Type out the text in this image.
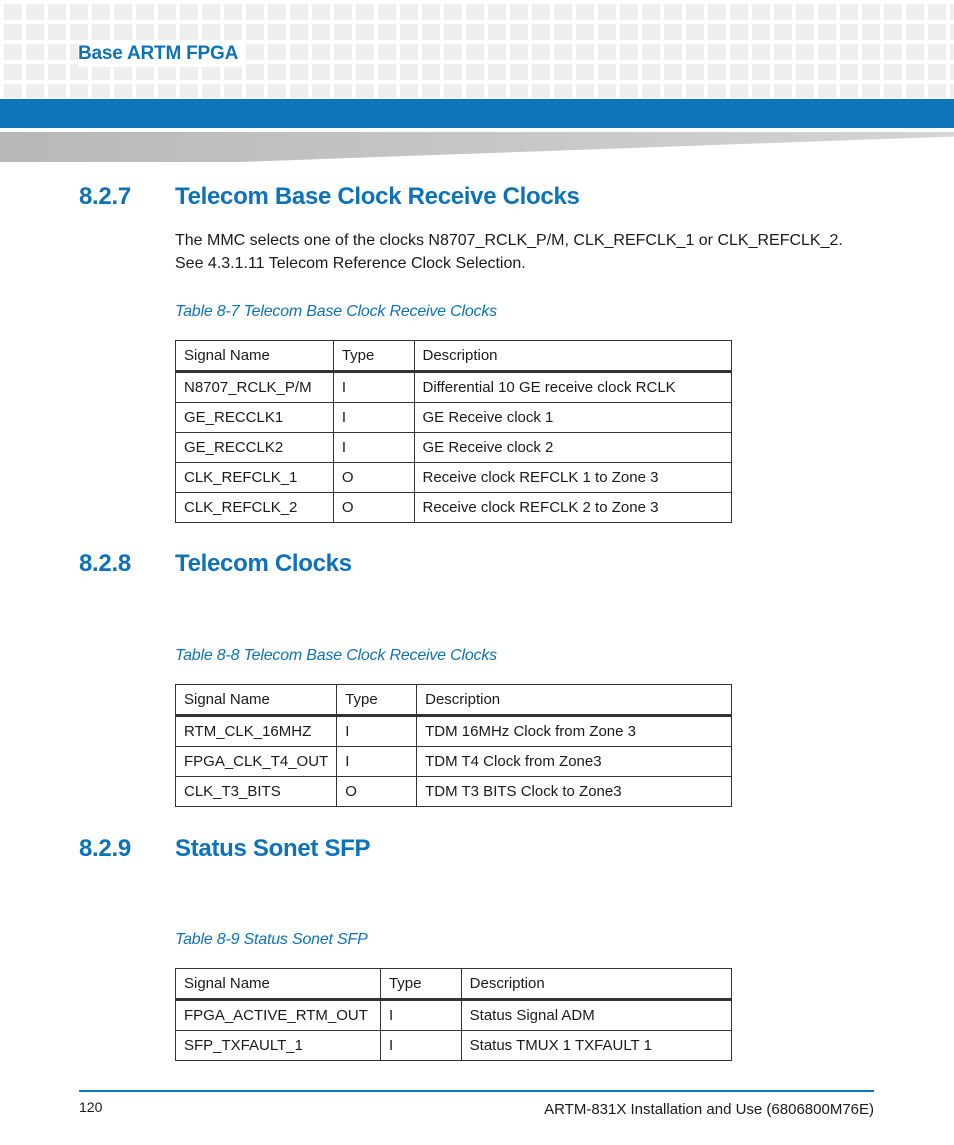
Base ARTM FPGA
8.2.7 Telecom Base Clock Receive Clocks

The MMC selects one of the clocks N8707_RCLK_P/M, CLK_REFCLK_1 or CLK_REFCLK_2. See 4.3.1.11 Telecom Reference Clock Selection.

Table 8-7 Telecom Base Clock Receive Clocks
Signal Name	Type	Description
N8707_RCLK_P/M	I	Differential 10 GE receive clock RCLK
GE_RECCLK1	I	GE Receive clock 1
GE_RECCLK2	I	GE Receive clock 2
CLK_REFCLK_1	O	Receive clock REFCLK 1 to Zone 3
CLK_REFCLK_2	O	Receive clock REFCLK 2 to Zone 3
8.2.8 Telecom Clocks
Table 8-8 Telecom Base Clock Receive Clocks
Signal Name	Type	Description
RTM_CLK_16MHZ	I	TDM 16MHz Clock from Zone 3
FPGA_CLK_T4_OUT	I	TDM T4 Clock from Zone3
CLK_T3_BITS	O	TDM T3 BITS Clock to Zone3
8.2.9 Status Sonet SFP
Table 8-9 Status Sonet SFP
Signal Name	Type	Description
FPGA_ACTIVE_RTM_OUT	I	Status Signal ADM
SFP_TXFAULT_1	I	Status TMUX 1 TXFAULT 1
120	ARTM-831X Installation and Use (6806800M76E)
